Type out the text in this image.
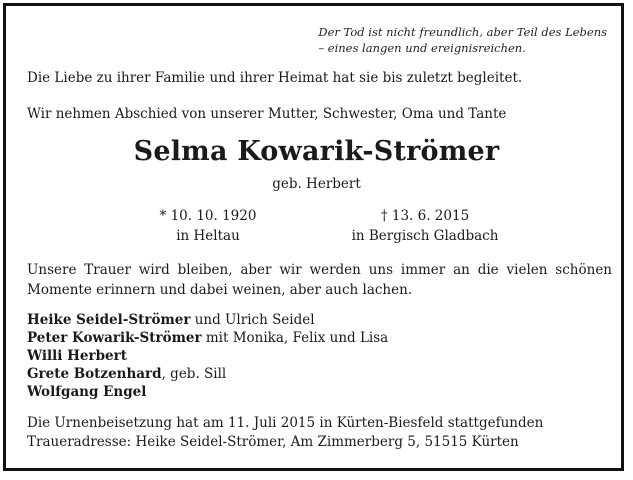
Der Tod ist nicht freundlich, aber Teil des Lebens
– eines langen und ereignisreichen.
Die Liebe zu ihrer Familie und ihrer Heimat hat sie bis zuletzt begleitet.
Wir nehmen Abschied von unserer Mutter, Schwester, Oma und Tante
Selma Kowarik-Strömer
geb. Herbert
* 10. 10. 1920
in Heltau
† 13. 6. 2015
in Bergisch Gladbach
Unsere Trauer wird bleiben, aber wir werden uns immer an die vielen schönen Momente erinnern und dabei weinen, aber auch lachen.
Heike Seidel-Strömer und Ulrich Seidel
Peter Kowarik-Strömer mit Monika, Felix und Lisa
Willi Herbert
Grete Botzenhard, geb. Sill
Wolfgang Engel
Die Urnenbeisetzung hat am 11. Juli 2015 in Kürten-Biesfeld stattgefunden
Traueradresse: Heike Seidel-Strömer, Am Zimmerberg 5, 51515 Kürten
